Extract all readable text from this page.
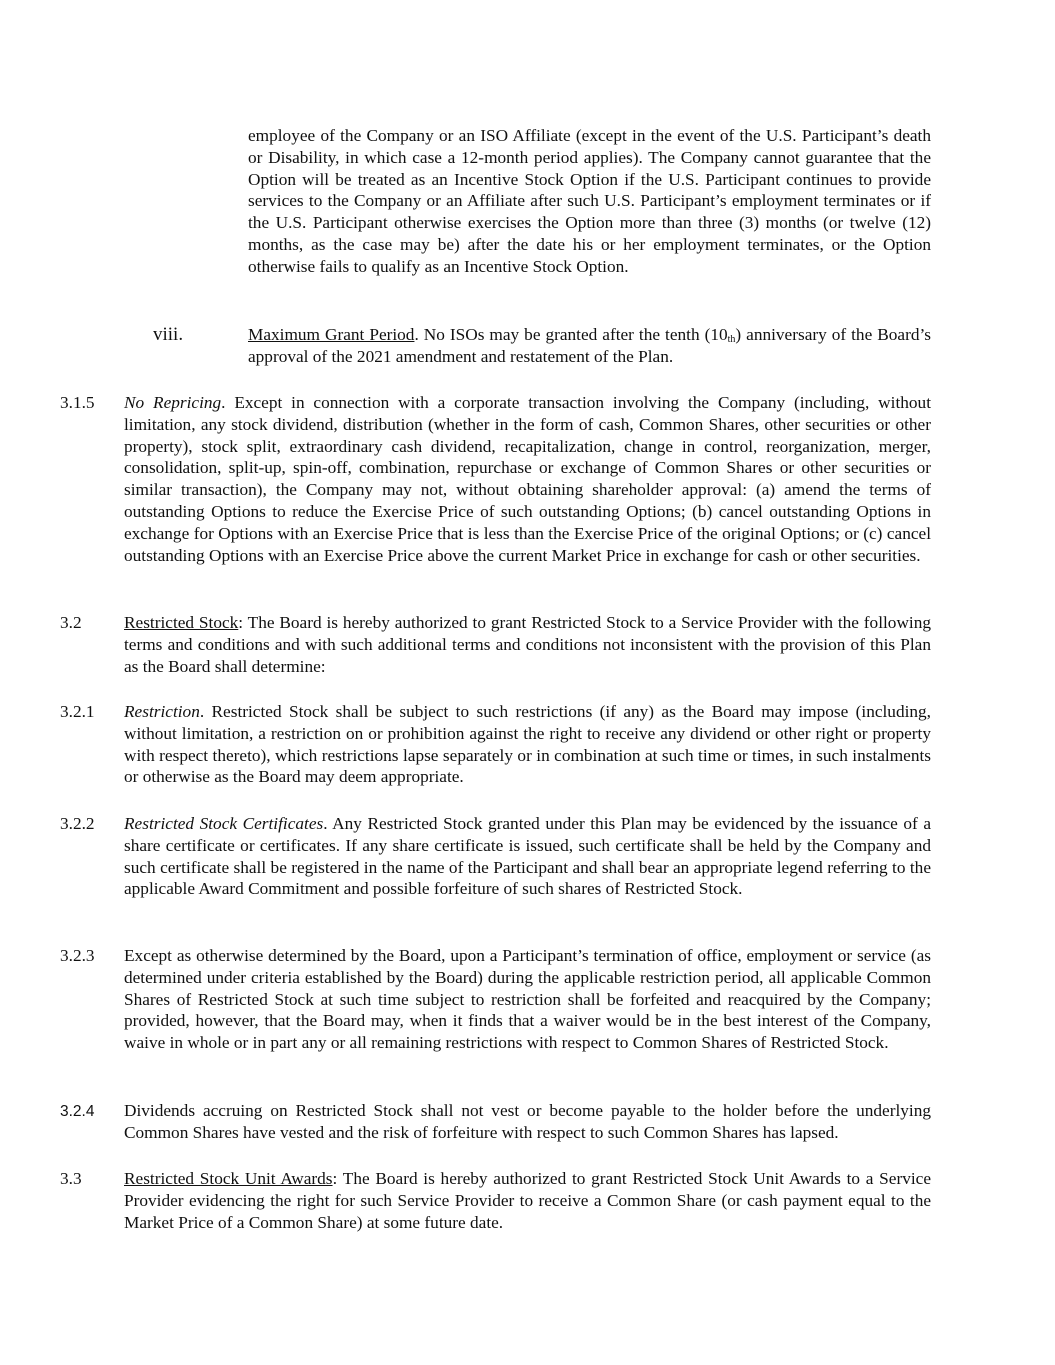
employee of the Company or an ISO Affiliate (except in the event of the U.S. Participant’s death or Disability, in which case a 12-month period applies). The Company cannot guarantee that the Option will be treated as an Incentive Stock Option if the U.S. Participant continues to provide services to the Company or an Affiliate after such U.S. Participant’s employment terminates or if the U.S. Participant otherwise exercises the Option more than three (3) months (or twelve (12) months, as the case may be) after the date his or her employment terminates, or the Option otherwise fails to qualify as an Incentive Stock Option.
viii.	Maximum Grant Period. No ISOs may be granted after the tenth $(10_{th})$ anniversary of the Board’s approval of the 2021 amendment and restatement of the Plan.
3.1.5 No Repricing. Except in connection with a corporate transaction involving the Company (including, without limitation, any stock dividend, distribution (whether in the form of cash, Common Shares, other securities or other property), stock split, extraordinary cash dividend, recapitalization, change in control, reorganization, merger, consolidation, split-up, spin-off, combination, repurchase or exchange of Common Shares or other securities or similar transaction), the Company may not, without obtaining shareholder approval: (a) amend the terms of outstanding Options to reduce the Exercise Price of such outstanding Options; (b) cancel outstanding Options in exchange for Options with an Exercise Price that is less than the Exercise Price of the original Options; or (c) cancel outstanding Options with an Exercise Price above the current Market Price in exchange for cash or other securities.
3.2 Restricted Stock: The Board is hereby authorized to grant Restricted Stock to a Service Provider with the following terms and conditions and with such additional terms and conditions not inconsistent with the provision of this Plan as the Board shall determine:
3.2.1 Restriction. Restricted Stock shall be subject to such restrictions (if any) as the Board may impose (including, without limitation, a restriction on or prohibition against the right to receive any dividend or other right or property with respect thereto), which restrictions lapse separately or in combination at such time or times, in such instalments or otherwise as the Board may deem appropriate.
3.2.2 Restricted Stock Certificates. Any Restricted Stock granted under this Plan may be evidenced by the issuance of a share certificate or certificates. If any share certificate is issued, such certificate shall be held by the Company and such certificate shall be registered in the name of the Participant and shall bear an appropriate legend referring to the applicable Award Commitment and possible forfeiture of such shares of Restricted Stock.
3.2.3 Except as otherwise determined by the Board, upon a Participant’s termination of office, employment or service (as determined under criteria established by the Board) during the applicable restriction period, all applicable Common Shares of Restricted Stock at such time subject to restriction shall be forfeited and reacquired by the Company; provided, however, that the Board may, when it finds that a waiver would be in the best interest of the Company, waive in whole or in part any or all remaining restrictions with respect to Common Shares of Restricted Stock.
3.2.4 Dividends accruing on Restricted Stock shall not vest or become payable to the holder before the underlying Common Shares have vested and the risk of forfeiture with respect to such Common Shares has lapsed.
3.3 Restricted Stock Unit Awards: The Board is hereby authorized to grant Restricted Stock Unit Awards to a Service Provider evidencing the right for such Service Provider to receive a Common Share (or cash payment equal to the Market Price of a Common Share) at some future date.
